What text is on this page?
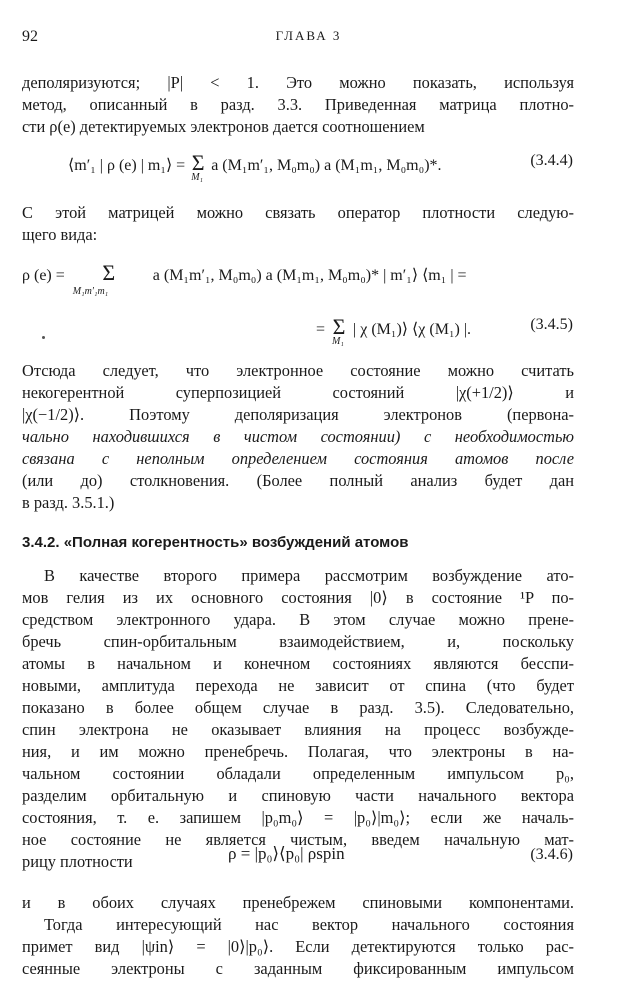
92	ГЛАВА 3
деполяризуются; |P| < 1. Это можно показать, используя
метод, описанный в разд. 3.3. Приведенная матрица плотно-
сти ρ(e) детектируемых электронов дается соотношением
⟨m′₁ | ρ (e) | m₁⟩ = Σ
M₁
a (M₁m′₁, M₀m₀) a (M₁m₁, M₀m₀)*.	(3.4.4)
С этой матрицей можно связать оператор плотности следую-
щего вида:
ρ (e) = Σ
M₁m′₁m₁
a (M₁m′₁, M₀m₀) a (M₁m₁, M₀m₀)* | m′₁⟩ ⟨m₁ | =
= Σ
M₁
| χ (M₁)⟩ ⟨χ (M₁) |.	(3.4.5)
Отсюда следует, что электронное состояние можно считать
некогерентной суперпозицией состояний |χ(+1/2)⟩ и
|χ(−1/2)⟩. Поэтому деполяризация электронов (первона-
чально находившихся в чистом состоянии) с необходимостью
связана с неполным определением состояния атомов после
(или до) столкновения. (Более полный анализ будет дан
в разд. 3.5.1.)
3.4.2. «Полная когерентность» возбуждений атомов
В качестве второго примера рассмотрим возбуждение ато-
мов гелия из их основного состояния |0⟩ в состояние ¹P по-
средством электронного удара. В этом случае можно прене-
бречь спин-орбитальным взаимодействием, и, поскольку
атомы в начальном и конечном состояниях являются бесспи-
новыми, амплитуда перехода не зависит от спина (что будет
показано в более общем случае в разд. 3.5). Следовательно,
спин электрона не оказывает влияния на процесс возбужде-
ния, и им можно пренебречь. Полагая, что электроны в на-
чальном состоянии обладали определенным импульсом p₀,
разделим орбитальную и спиновую части начального вектора
состояния, т. е. запишем |p₀m₀⟩ = |p₀⟩|m₀⟩; если же началь-
ное состояние не является чистым, введем начальную мат-
рицу плотности	ρ = |p₀⟩⟨p₀| ρspin	(3.4.6)
и в обоих случаях пренебрежем спиновыми компонентами.
Тогда интересующий нас вектор начального состояния
примет вид |ψin⟩ = |0⟩|p₀⟩. Если детектируются только рас-
сеянные электроны с заданным фиксированным импульсом
